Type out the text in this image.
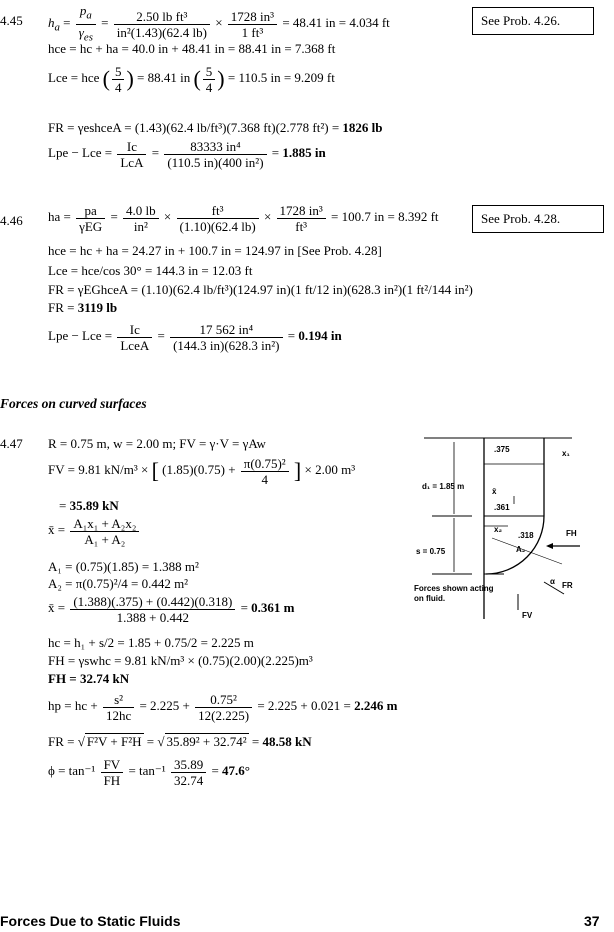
4.45	See Prob. 4.26.
$h_a$ =
$p_a$
$\gamma_{es}$
= $\frac{\text{2.50 lb ft³}}{\text{in²(1.43)(62.4 lb)}} \times \frac{\text{1728 in³}}{\text{1 ft³}} = 48.41$ in = 4.034 ft
hce = hc + ha = 40.0 in + 48.41 in = 88.41 in = 7.368 ft
Lce = hce ( $\frac{5}{4}$ ) = 88.41 in ( $\frac{5}{4}$ ) = 110.5 in = 9.209 ft
FR = γeshceA = (1.43)(62.4 lb/ft³)(7.368 ft)(2.778 ft²) = 1826 lb
Lpe − Lce =	Ic
LcA
= $\frac{\text{83333 in⁴}}{\text{(110.5 in)(400 in²)}} = 1.885$ in
4.46	See Prob. 4.28.
ha =	pa
γEG
= $\frac{4.0 lb}{\text{in²}} \times \frac{\text{ft³}}{(1.10)(62.4 lb)} \times \frac{\text{1728 in³}}{\text{ft³}} = 100.7$ in = 8.392 ft
hce = hc + ha = 24.27 in + 100.7 in = 124.97 in [See Prob. 4.28]
Lce = hce/cos 30° = 144.3 in = 12.03 ft
FR = γEGhceA = (1.10)(62.4 lb/ft³)(124.97 in)(1 ft/12 in)(628.3 in²)(1 ft²/144 in²)
FR = 3119 lb
Lpe − Lce =	Ic
LceA
= $\frac{\text{17 562 in⁴}}{\text{(144.3 in)(628.3 in²)}} = 0.194$ in
Forces on curved surfaces
4.47 R = 0.75 m, w = 2.00 m; FV = γ·V = γAw
FV = 9.81 kN/m³ × [ $(1.85)(0.75) + \frac{\text{π(0.75)²}}{4}$ ] × 2.00 m³
= 35.89 kN
x̄ = $\frac{\text{A₁x₁ + A₂x₂}}{\text{A₁ + A₂}}$
A₁ = (0.75)(1.85) = 1.388 m²
A₂ = π(0.75)²/4 = 0.442 m²
x̄ = $\frac{(1.388)(.375) + (0.442)(0.318)}{1.388 + 0.442} = 0.361$ m
hc = h₁ + s/2 = 1.85 + 0.75/2 = 2.225 m
FH = γswhc = 9.81 kN/m³ × (0.75)(2.00)(2.225)m³
FH = 32.74 kN
hp = hc + $\frac{\text{s²}}{12hc} = 2.225 + \frac{\text{0.75²}}{12(2.225)} = 2.225 + 0.021 = 2.246$ m
FR = √ F²V + F²H = √ 35.89² + 32.74² = 48.58 kN
$\phi = \tan^{-1} \frac{FV}{FH} = \tan^{-1} \frac{35.89}{32.74} = 47.6^\circ$
.375	x₁
d₁ = 1.85 m
x̄
.361
x₂
.318
A₂
FH
s = 0.75
α FR
FV
Forces shown acting on fluid.
Forces Due to Static Fluids	37
